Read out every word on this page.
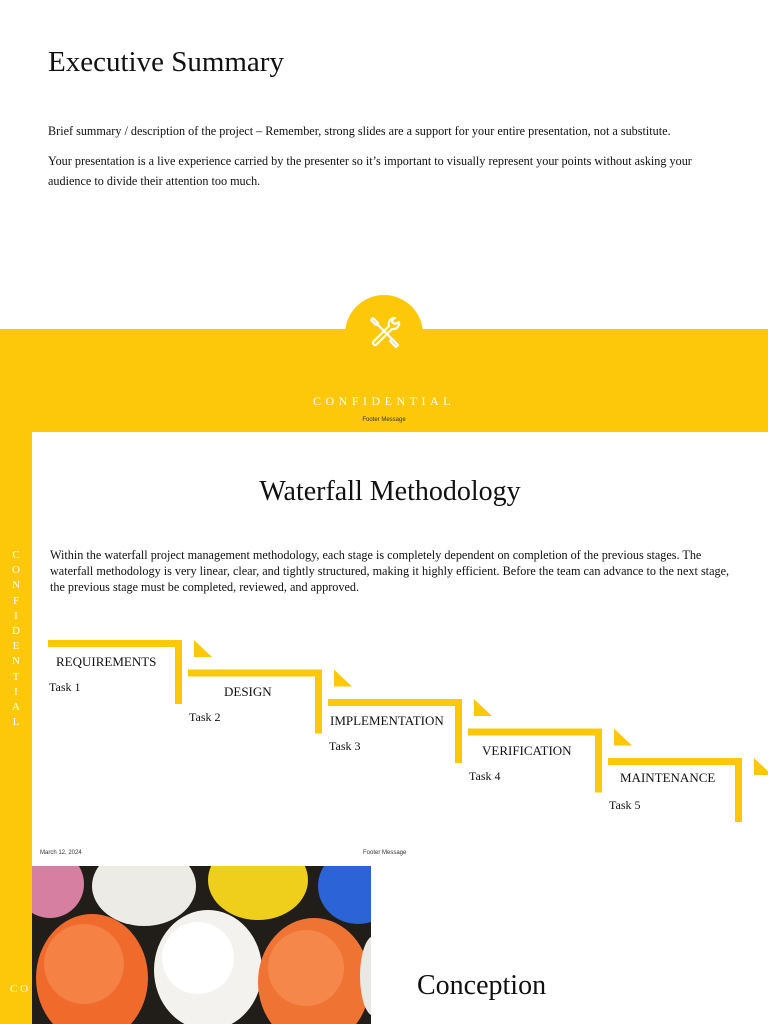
Executive Summary

Brief summary / description of the project – Remember, strong slides are a support for your entire presentation, not a substitute.

Your presentation is a live experience carried by the presenter so it’s important to visually represent your points without asking your audience to divide their attention too much.

CONFIDENTIAL
Footer Message
C
O
N
F
I
D
E
N
T
I
A
L
Waterfall Methodology

Within the waterfall project management methodology, each stage is completely dependent on completion of the previous stages. The waterfall methodology is very linear, clear, and tightly structured, making it highly efficient. Before the team can advance to the next stage, the previous stage must be completed, reviewed, and approved.

REQUIREMENTS
Task 1	DESIGN
Task 2	IMPLEMENTATION
Task 3	VERIFICATION
Task 4	MAINTENANCE
Task 5
March 12, 2024	Footer Message
C O	Conception
